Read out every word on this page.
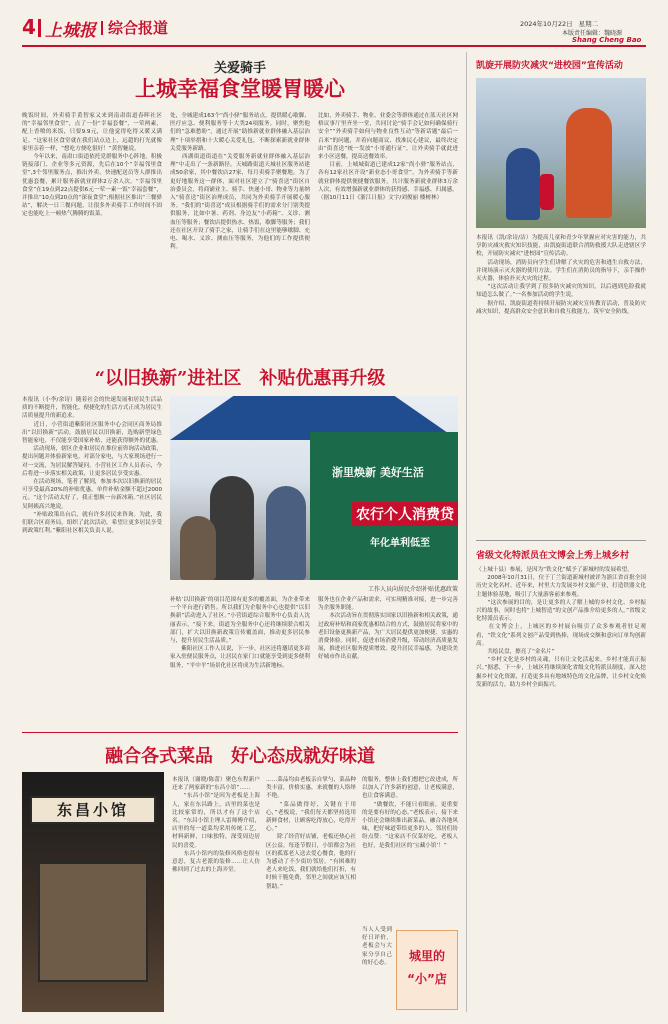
4 上城报 综合报道	2024年10月22日 星期二
本版责任编辑：魏晓源
Shang Cheng Bao
关爱骑手
上城幸福食堂暖胃暖心
晚饭时间，外卖骑手黄智家又来到南肃街道春晖社区的“幸福邻里食堂”，点了一份“幸福套餐”，一荤两素，配上香喷的米饭，只要9.9元，让他觉得吃得又暖又满足。“这家社区食堂就在我们站点边上，远超的打光就像家里亲着一样，“想吃方便吃很好！”黄智魅说。
　　今年以来，南肃口街道依托党群服务中心阵地，积极链接部门、企业等多元资源，先后在10个“幸福邻里食堂”,3个邻里服务点，推出外卖、快递配送员等人群推出优惠套餐，累计服务新就业群体2万余人次。“幸福邻里食堂”在19点到22点提供6元一荤一素一饭“幸福套餐”，并推出“10点到20点的“深夜食堂”;根据社区推出“三餐驿站”，解决一日三餐问题，让很多外卖骑手工作时间不固定也能吃上一顿热气腾腾的饭菜。
处，全城建成163个“尚小驿”服务站点，提供暖心歇脚、医疗应急、便利服务等十大类24项服务。同时，聚焦他们的“急难愁盼”，通过开展“助推新就业群体融入基层治理”十项举措和十大暖心关爱礼包，不断探索新就业群体关爱服务新路。
　　西湖街道街道在“关爱服务新就业群体融入基层治理”中走出了一条新路径。天城路街道天城社区服务站建成50余家，其中餐饮店27家，每月卖骑手聚餐地。为了更好地服务这一群体，面对社区建立了“骑喜送”街区自治委员会，将商铺业主、骑手、快递小哥、物业等力量纳入“骑喜送”街区治理成员，共同为外卖骑手开展暖心服务。“我们的“街喜送”成员根据骑手们的需求分门别类提供服务，比如中暑、药剂、身边友“小药箱”、义诊、测血压等服务；餐饮店提供热水、热饭，歇脚等服务；我们还在社区开设了骑手之家，让骑手们在这里能够歇脚、充电、喝水、义诊、测血压等服务，为他们的工作提供便利。
比如，外卖骑手、物业、业委会等群体通过在蓝天社区网格议事厅里齐坐一堂，共同讨论“骑手会记如何确保骑行安全”“外卖骑手如何与物业良性互动”等新话题“最后一百米”的问题，并着向题商议、找准民心建议，最终决定由“街喜送”统一发放“小哥通行证”，让外卖骑手就此进来小区送餐，提高送餐效率。
　　目前，上城城街道已建成12家“尚小驿”服务站点，各有12家社区开设“新业态小哥食堂”，为外卖骑手等新就业群体提供便捷餐饮服务，共计服务新就业群体3万余人次，有效增强新就业群体的获得感、幸福感、归属感。
（据10月11日《浙江日报》文字/刘俊丽 楼树林）
“以旧换新”进社区　补贴优惠再升级
本报讯（小李/余诗）随着社会的快速发展和居民生活品质的不断提升，智能化、便捷化的生活方式正成为居民生活质量提升的新追求。
　　近日，小营街道紫阳社区服务中心会同区商务局推出“以旧换新”活动，鼓励居民以旧换新，选购新型绿色智能家电，不仅能享受国家补贴，还能获得额外的优惠。
　　活动现场，辖区企业和居民在推位前咨询活动政策，提出问题并体验新家电。对部分家电，与大家现场进行一对一交流，为居民解答疑问。小营社区工作人员表示，今后将进一步落实相关政策，让更多居民享受实惠。
　　在活动现场，笔者了解到，参加本次以旧换新的居民可享受最高20%的补贴优惠，单件补贴金额不超过2000元。“这个活动太好了，我正想换一台新冰箱。”社区居民吴阿姨高兴地说。
　　“补贴政策出台后，就有许多居民来咨询。为此，我们联合区商务局，组织了此次活动，希望让更多居民享受到政策红利。”紫阳社区相关负责人说。
浙里焕新 美好生活
农行个人消费贷
年化单利低至
工作人员向居民介绍补贴优惠政策
补贴‘以旧换新’的项目范围有更多的覆盖面，为企业带来一个平台进行销售。所以我们为企服务中心也提供“以旧换新”活动进入了社区。”小营街道综合服务中心负责人沈丽表示，“接下来，街道为全服务中心还将继续联合相关部门，扩大以旧换新政策宣传覆盖面，推动更多居民参与，提升居民生活品质。”
　　紫阳社区工作人员说，下一步，社区还将邀请更多商家入驻便民服务点，让居民在家门口就能享受到更多便利服务，“平中平”场景化社区将成为生活新地标。
服务也在企业产品和需求，可实现精准对接，进一步完善为企服务职能。
　　本次活动旨在贯彻落实国家以旧换新和相关政策，通过政府补贴和商家优惠相结合的方式，鼓励居民将家中的老旧设备更换新产品，为广大居民提供更加便捷、实惠的消费体验。同时，促进市场消费升级，带动经济高质量发展，推进社区服务提质增效、提升居民幸福感，为建设美好城市作出贡献。
融合各式菜品　好心态成就好味道
东昌小馆
本报讯（谢晓/陈蕾）聚色东程新户还来了两家新的“东昌小馆”……
　　“东昌小馆”是因为老板是上海人，家在东昌路上，店里的菜也是比较家常的，所以才有了这个店名。“东昌小馆主理人雷师傅介绍，店里的每一道菜均采用传统工艺，材料新鲜，口味独特，深受周边居民的喜爱。
　　东昌小馆内的装修风格也很有意思，复古老派的装修……让人仿佛回到了过去的上海弄堂。
……菜品均由老板亲自掌勺，菜品种类丰富，价格实惠，来就餐的人络绎不绝。
　　“菜品做得好，关键在于用心，”老板说，“我们每天都坚持选用新鲜食材，让顾客吃得放心，吃得开心。”
　　除了经营好店铺，老板还热心社区公益。每逢节假日，小馆都会为社区的孤寡老人送去爱心餐食，他的行为感动了不少街坊邻居。“有困难的老人来吃饭，我们就给他们打折，有时候干脆免费，邻里之间就应该互相帮助。”
的服务，整体上我们想把它改进成，所以加入了许多新的创意，让老板满意，也让食客满意。
　　“做餐饮，不能只看眼前，更重要的是要有好的心态。”老板表示，接下来小馆还会继续推出新菜品，融合各地风味，把好味道带给更多的人。邻居们纷纷点赞：“这家店不仅菜好吃，老板人也好，是我们社区的‘宝藏小馆’！”
当人人受到好日评价，老板会与大家分享自己的好心态。	城里的
“小”店
凯旋开展防灾减灾“进校园”宣传活动
本报讯（凯/余诗/洁）为提高儿童和青少年掌握应对灾害的能力，共享防灾减灾救灾知识技能，由凯旋街道联合消防救援大队走进辖区学校，开展防灾减灾“进校园”宣传活动。
　　活动现场，消防员向学生们讲解了火灾的危害和逃生自救方法，并现场演示灭火器的使用方法。学生们在消防员的指导下，亲手操作灭火器，体验扑灭火灾的过程。
　　“这次活动让我学到了很多防灾减灾的知识，以后遇到危险我就知道怎么做了。”一名参加活动的学生说。
　　据介绍，凯旋街道将持续开展防灾减灾宣传教育活动，普及防灾减灾知识，提高群众安全意识和自救互救能力，筑牢安全防线。
省级文化特派员在文博会上秀上城乡村
（上城十县）参展，是因为“铁文化”赋予了新城村的发展希望。
　　2008年10月31日，位于丁兰街道新城村被评为浙江省首批全国历史文化名村。近年来，村里大力发展乡村文旅产业，打造铁器文化主题体验基地，吸引了大量游客前来参观。
　　“这次参展的目的，是让更多的人了解上城的乡村文化、乡村振兴的故事，同时也将“上城智造”的文创产品推介给更多的人。”省级文化特派员表示。
　　在文博会上，上城区的乡村展台吸引了众多参观者驻足观看，“铁文化”系列文创产品受到热捧，现场成交额和意向订单均创新高。
　　共绘民盘，擦亮了“金名片”
　　“乡村文化是乡村的灵魂，只有让文化活起来，乡村才能真正振兴。”据悉，下一步，上城区将继续深化省级文化特派员制度，深入挖掘乡村文化资源，打造更多具有地域特色的文化品牌，让乡村文化焕发新的活力，助力乡村全面振兴。
